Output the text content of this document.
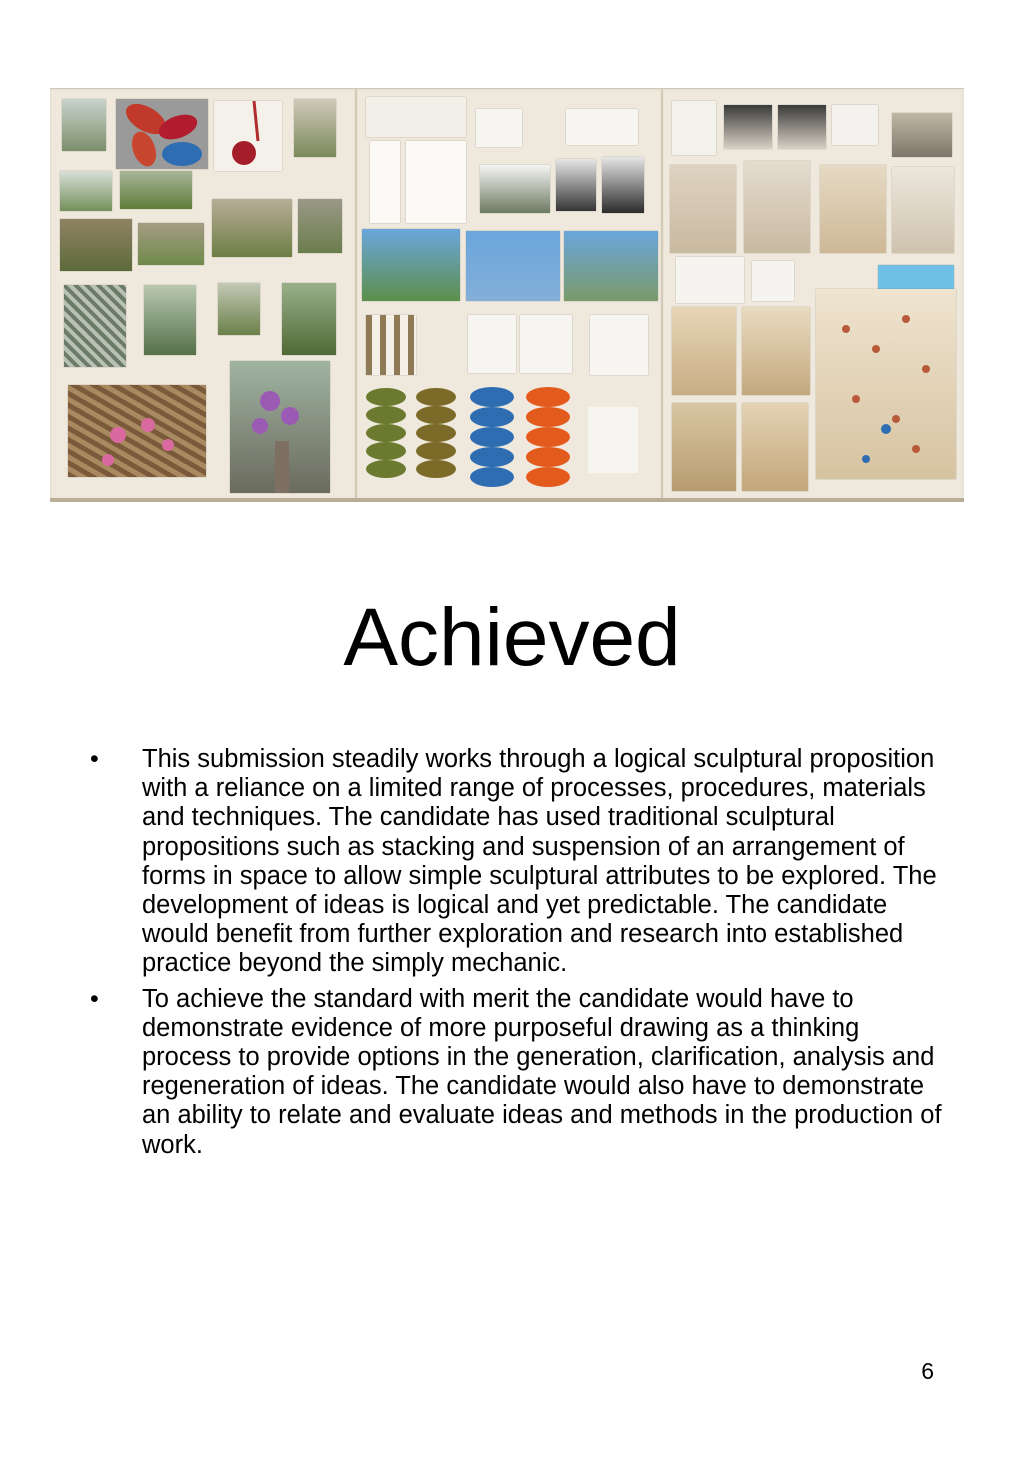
Achieved
• This submission steadily works through a logical sculptural proposition with a reliance on a limited range of processes, procedures, materials and techniques. The candidate has used traditional sculptural propositions such as stacking and suspension of an arrangement of forms in space to allow simple sculptural attributes to be explored. The development of ideas is logical and yet predictable. The candidate would benefit from further exploration and research into established practice beyond the simply mechanic.
• To achieve the standard with merit the candidate would have to demonstrate evidence of more purposeful drawing as a thinking process to provide options in the generation, clarification, analysis and regeneration of ideas. The candidate would also have to demonstrate an ability to relate and evaluate ideas and methods in the production of work.
6
